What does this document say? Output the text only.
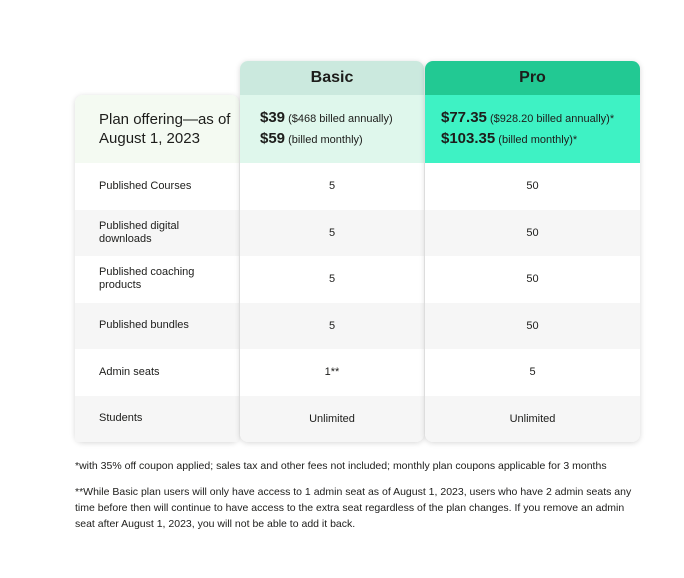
Plan offering—as of August 1, 2023
Published Courses
Published digital downloads
Published coaching products
Published bundles
Admin seats
Students
Basic
$39 ($468 billed annually)
$59 (billed monthly)
5
5
5
5
1**
Unlimited
Pro
$77.35 ($928.20 billed annually)*
$103.35 (billed monthly)*
50
50
50
50
5
Unlimited

*with 35% off coupon applied; sales tax and other fees not included; monthly plan coupons applicable for 3 months

**While Basic plan users will only have access to 1 admin seat as of August 1, 2023, users who have 2 admin seats any time before then will continue to have access to the extra seat regardless of the plan changes. If you remove an admin seat after August 1, 2023, you will not be able to add it back.
